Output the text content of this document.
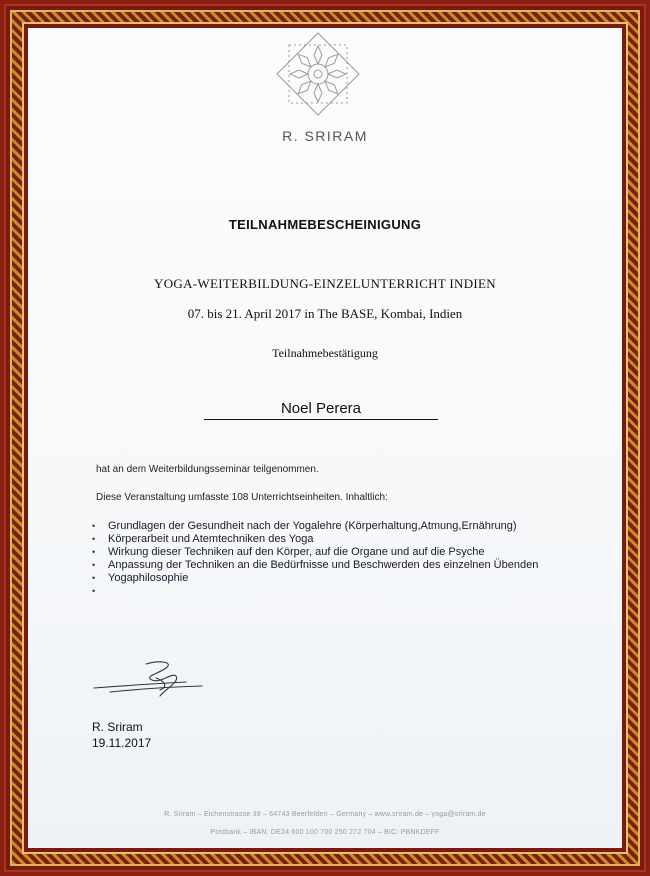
R. SRIRAM
TEILNAHMEBESCHEINIGUNG
YOGA-WEITERBILDUNG-EINZELUNTERRICHT INDIEN
07. bis 21. April 2017 in The BASE, Kombai, Indien
Teilnahmebestätigung
Noel Perera
hat an dem Weiterbildungsseminar teilgenommen.
Diese Veranstaltung umfasste 108 Unterrichtseinheiten. Inhaltlich:
• Grundlagen der Gesundheit nach der Yogalehre (Körperhaltung,Atmung,Ernährung)
• Körperarbeit und Atemtechniken des Yoga
• Wirkung dieser Techniken auf den Körper, auf die Organe und auf die Psyche
• Anpassung der Techniken an die Bedürfnisse und Beschwerden des einzelnen Übenden
• Yogaphilosophie
•
R. Sriram
19.11.2017
R. Sriram – Eichenstrasse 39 – 64743 Beerfelden – Germany – www.sriram.de – yoga@sriram.de
Postbank – IBAN: DE24 600 100 700 250 272 704 – BIC: PBNKDEFF
